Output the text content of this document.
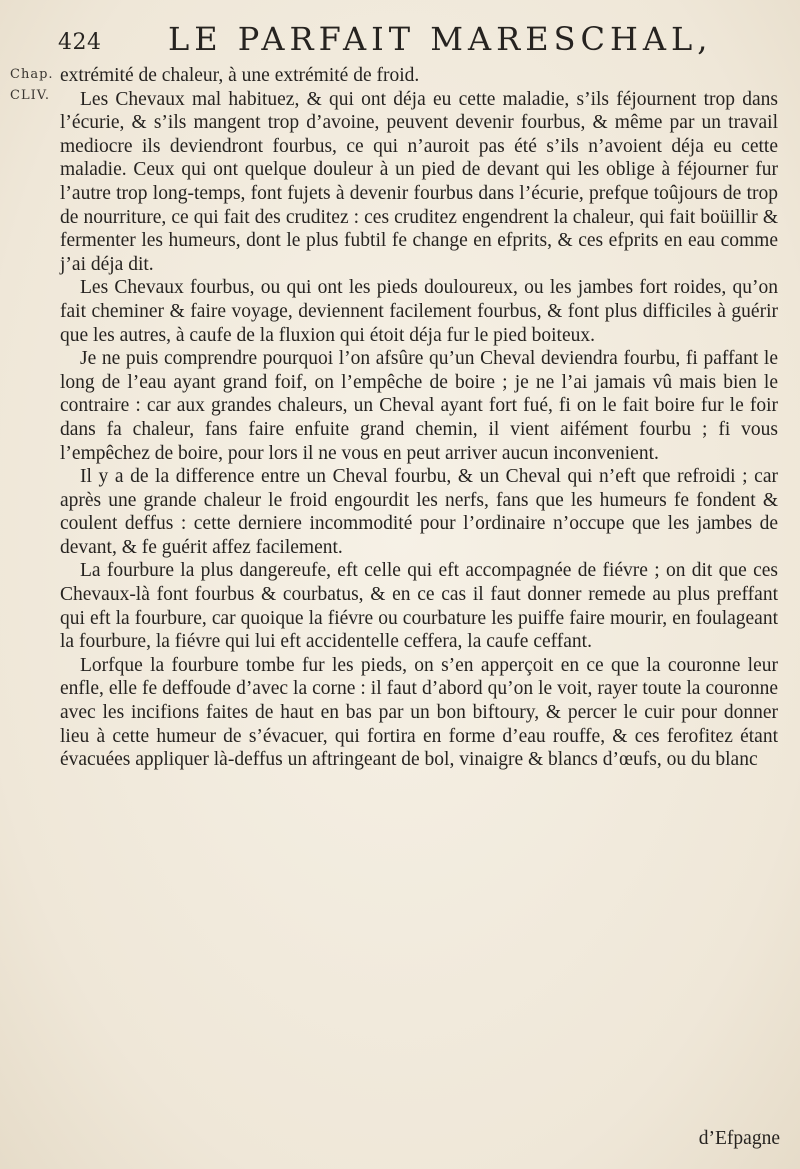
424 LE PARFAIT MARESCHAL,
Chap.
CLIV.

extrémité de chaleur, à une extrémité de froid.

Les Chevaux mal habituez, & qui ont déja eu cette maladie, s’ils féjournent trop dans l’écurie, & s’ils mangent trop d’avoine, peuvent devenir fourbus, & même par un travail mediocre ils deviendront fourbus, ce qui n’auroit pas été s’ils n’avoient déja eu cette maladie. Ceux qui ont quelque douleur à un pied de devant qui les oblige à féjourner fur l’autre trop long-temps, font fujets à devenir fourbus dans l’écurie, prefque toûjours de trop de nourriture, ce qui fait des cruditez : ces cruditez engendrent la chaleur, qui fait boüillir & fermenter les humeurs, dont le plus fubtil fe change en efprits, & ces efprits en eau comme j’ai déja dit.

Les Chevaux fourbus, ou qui ont les pieds douloureux, ou les jambes fort roides, qu’on fait cheminer & faire voyage, deviennent facilement fourbus, & font plus difficiles à guérir que les autres, à caufe de la fluxion qui étoit déja fur le pied boiteux.

Je ne puis comprendre pourquoi l’on afsûre qu’un Cheval deviendra fourbu, fi paffant le long de l’eau ayant grand foif, on l’empêche de boire ; je ne l’ai jamais vû mais bien le contraire : car aux grandes chaleurs, un Cheval ayant fort fué, fi on le fait boire fur le foir dans fa chaleur, fans faire enfuite grand chemin, il vient aifément fourbu ; fi vous l’empêchez de boire, pour lors il ne vous en peut arriver aucun inconvenient.

Il y a de la difference entre un Cheval fourbu, & un Cheval qui n’eft que refroidi ; car après une grande chaleur le froid engourdit les nerfs, fans que les humeurs fe fondent & coulent deffus : cette derniere incommodité pour l’ordinaire n’occupe que les jambes de devant, & fe guérit affez facilement.

La fourbure la plus dangereufe, eft celle qui eft accompagnée de fiévre ; on dit que ces Chevaux-là font fourbus & courbatus, & en ce cas il faut donner remede au plus preffant qui eft la fourbure, car quoique la fiévre ou courbature les puiffe faire mourir, en foulageant la fourbure, la fiévre qui lui eft accidentelle ceffera, la caufe ceffant.

Lorfque la fourbure tombe fur les pieds, on s’en apperçoit en ce que la couronne leur enfle, elle fe deffoude d’avec la corne : il faut d’abord qu’on le voit, rayer toute la couronne avec les incifions faites de haut en bas par un bon biftoury, & percer le cuir pour donner lieu à cette humeur de s’évacuer, qui fortira en forme d’eau rouffe, & ces ferofitez étant évacuées appliquer là-deffus un aftringeant de bol, vinaigre & blancs d’œufs, ou du blanc

d’Efpagne
